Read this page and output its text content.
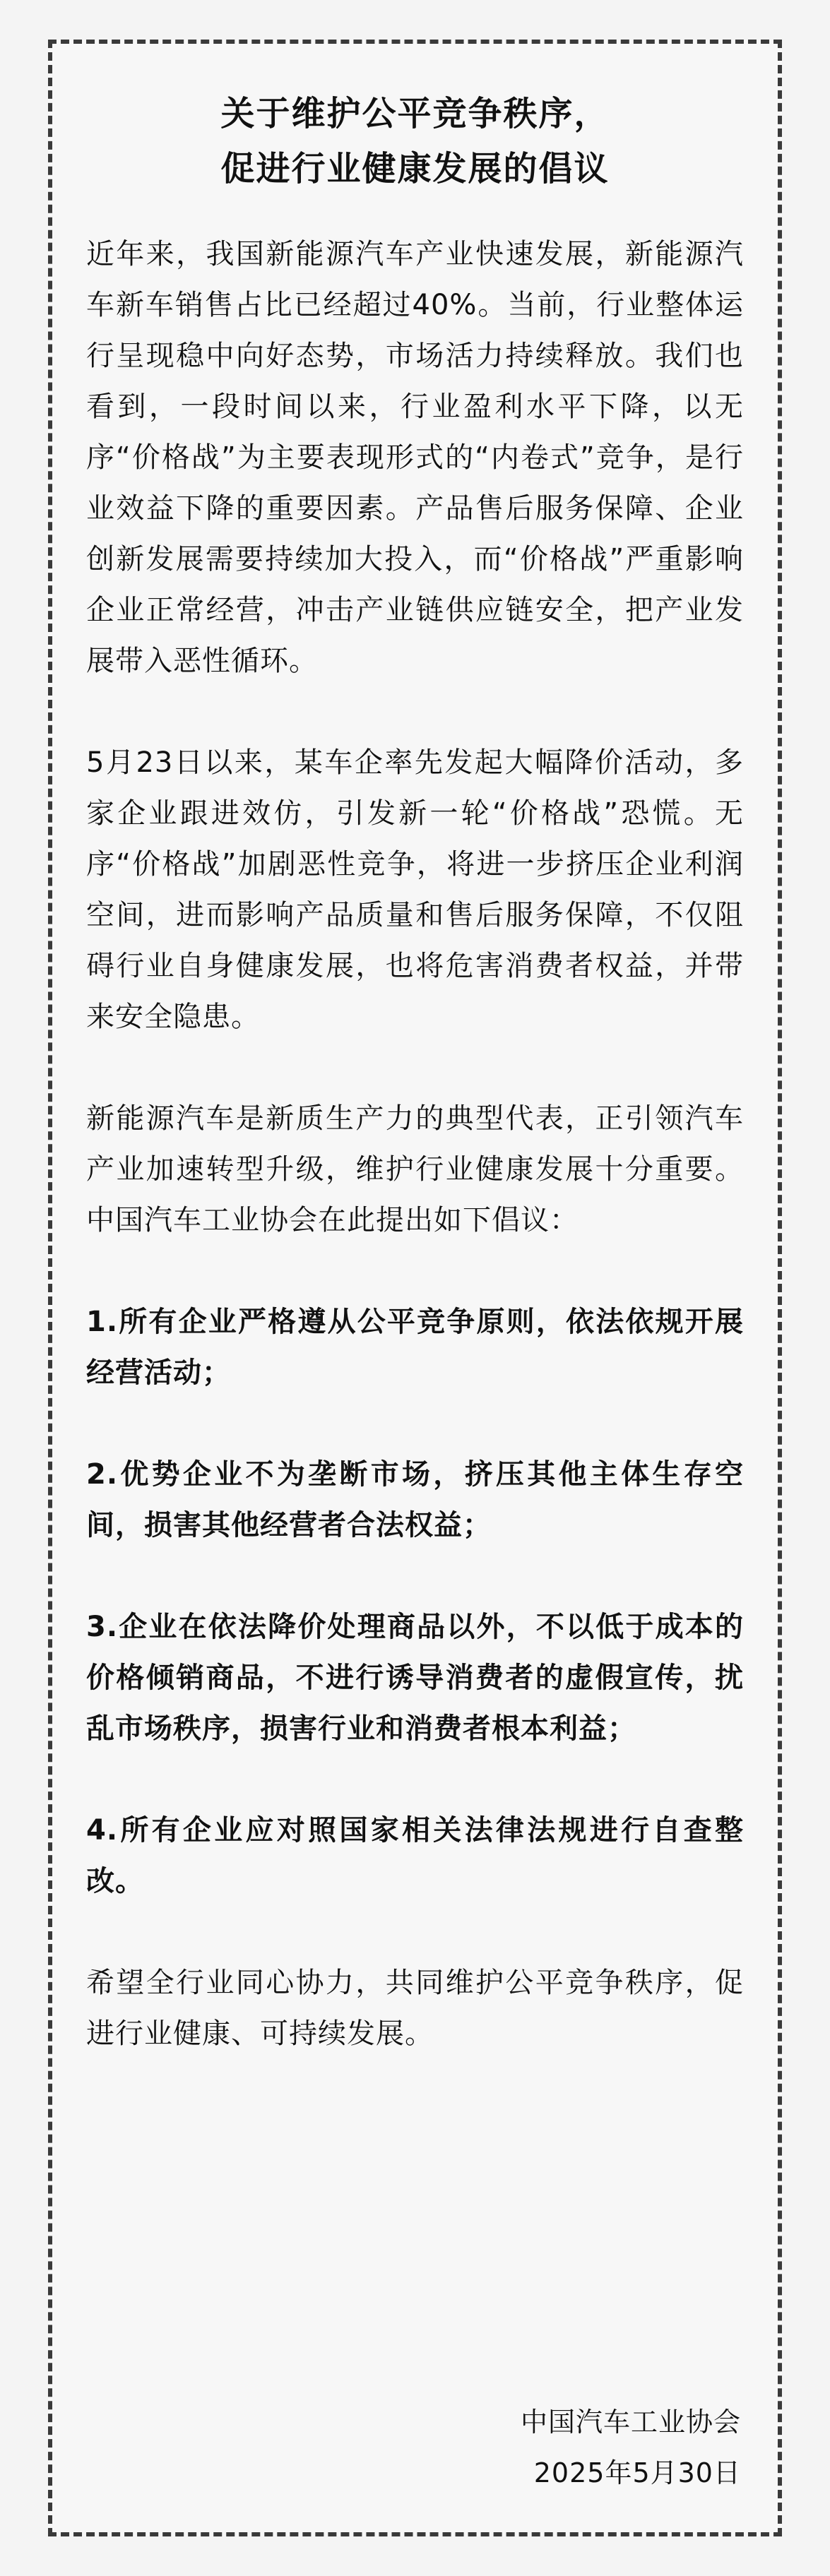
关于维护公平竞争秩序，
促进行业健康发展的倡议

近年来，我国新能源汽车产业快速发展，新能源汽车新车销售占比已经超过40%。当前，行业整体运行呈现稳中向好态势，市场活力持续释放。我们也看到，一段时间以来，行业盈利水平下降，以无序“价格战”为主要表现形式的“内卷式”竞争，是行业效益下降的重要因素。产品售后服务保障、企业创新发展需要持续加大投入，而“价格战”严重影响企业正常经营，冲击产业链供应链安全，把产业发展带入恶性循环。

5月23日以来，某车企率先发起大幅降价活动，多家企业跟进效仿，引发新一轮“价格战”恐慌。无序“价格战”加剧恶性竞争，将进一步挤压企业利润空间，进而影响产品质量和售后服务保障，不仅阻碍行业自身健康发展，也将危害消费者权益，并带来安全隐患。

新能源汽车是新质生产力的典型代表，正引领汽车产业加速转型升级，维护行业健康发展十分重要。中国汽车工业协会在此提出如下倡议：

1.所有企业严格遵从公平竞争原则，依法依规开展经营活动；

2.优势企业不为垄断市场，挤压其他主体生存空间，损害其他经营者合法权益；

3.企业在依法降价处理商品以外，不以低于成本的价格倾销商品，不进行诱导消费者的虚假宣传，扰乱市场秩序，损害行业和消费者根本利益；

4.所有企业应对照国家相关法律法规进行自查整改。

希望全行业同心协力，共同维护公平竞争秩序，促进行业健康、可持续发展。

中国汽车工业协会
2025年5月30日
